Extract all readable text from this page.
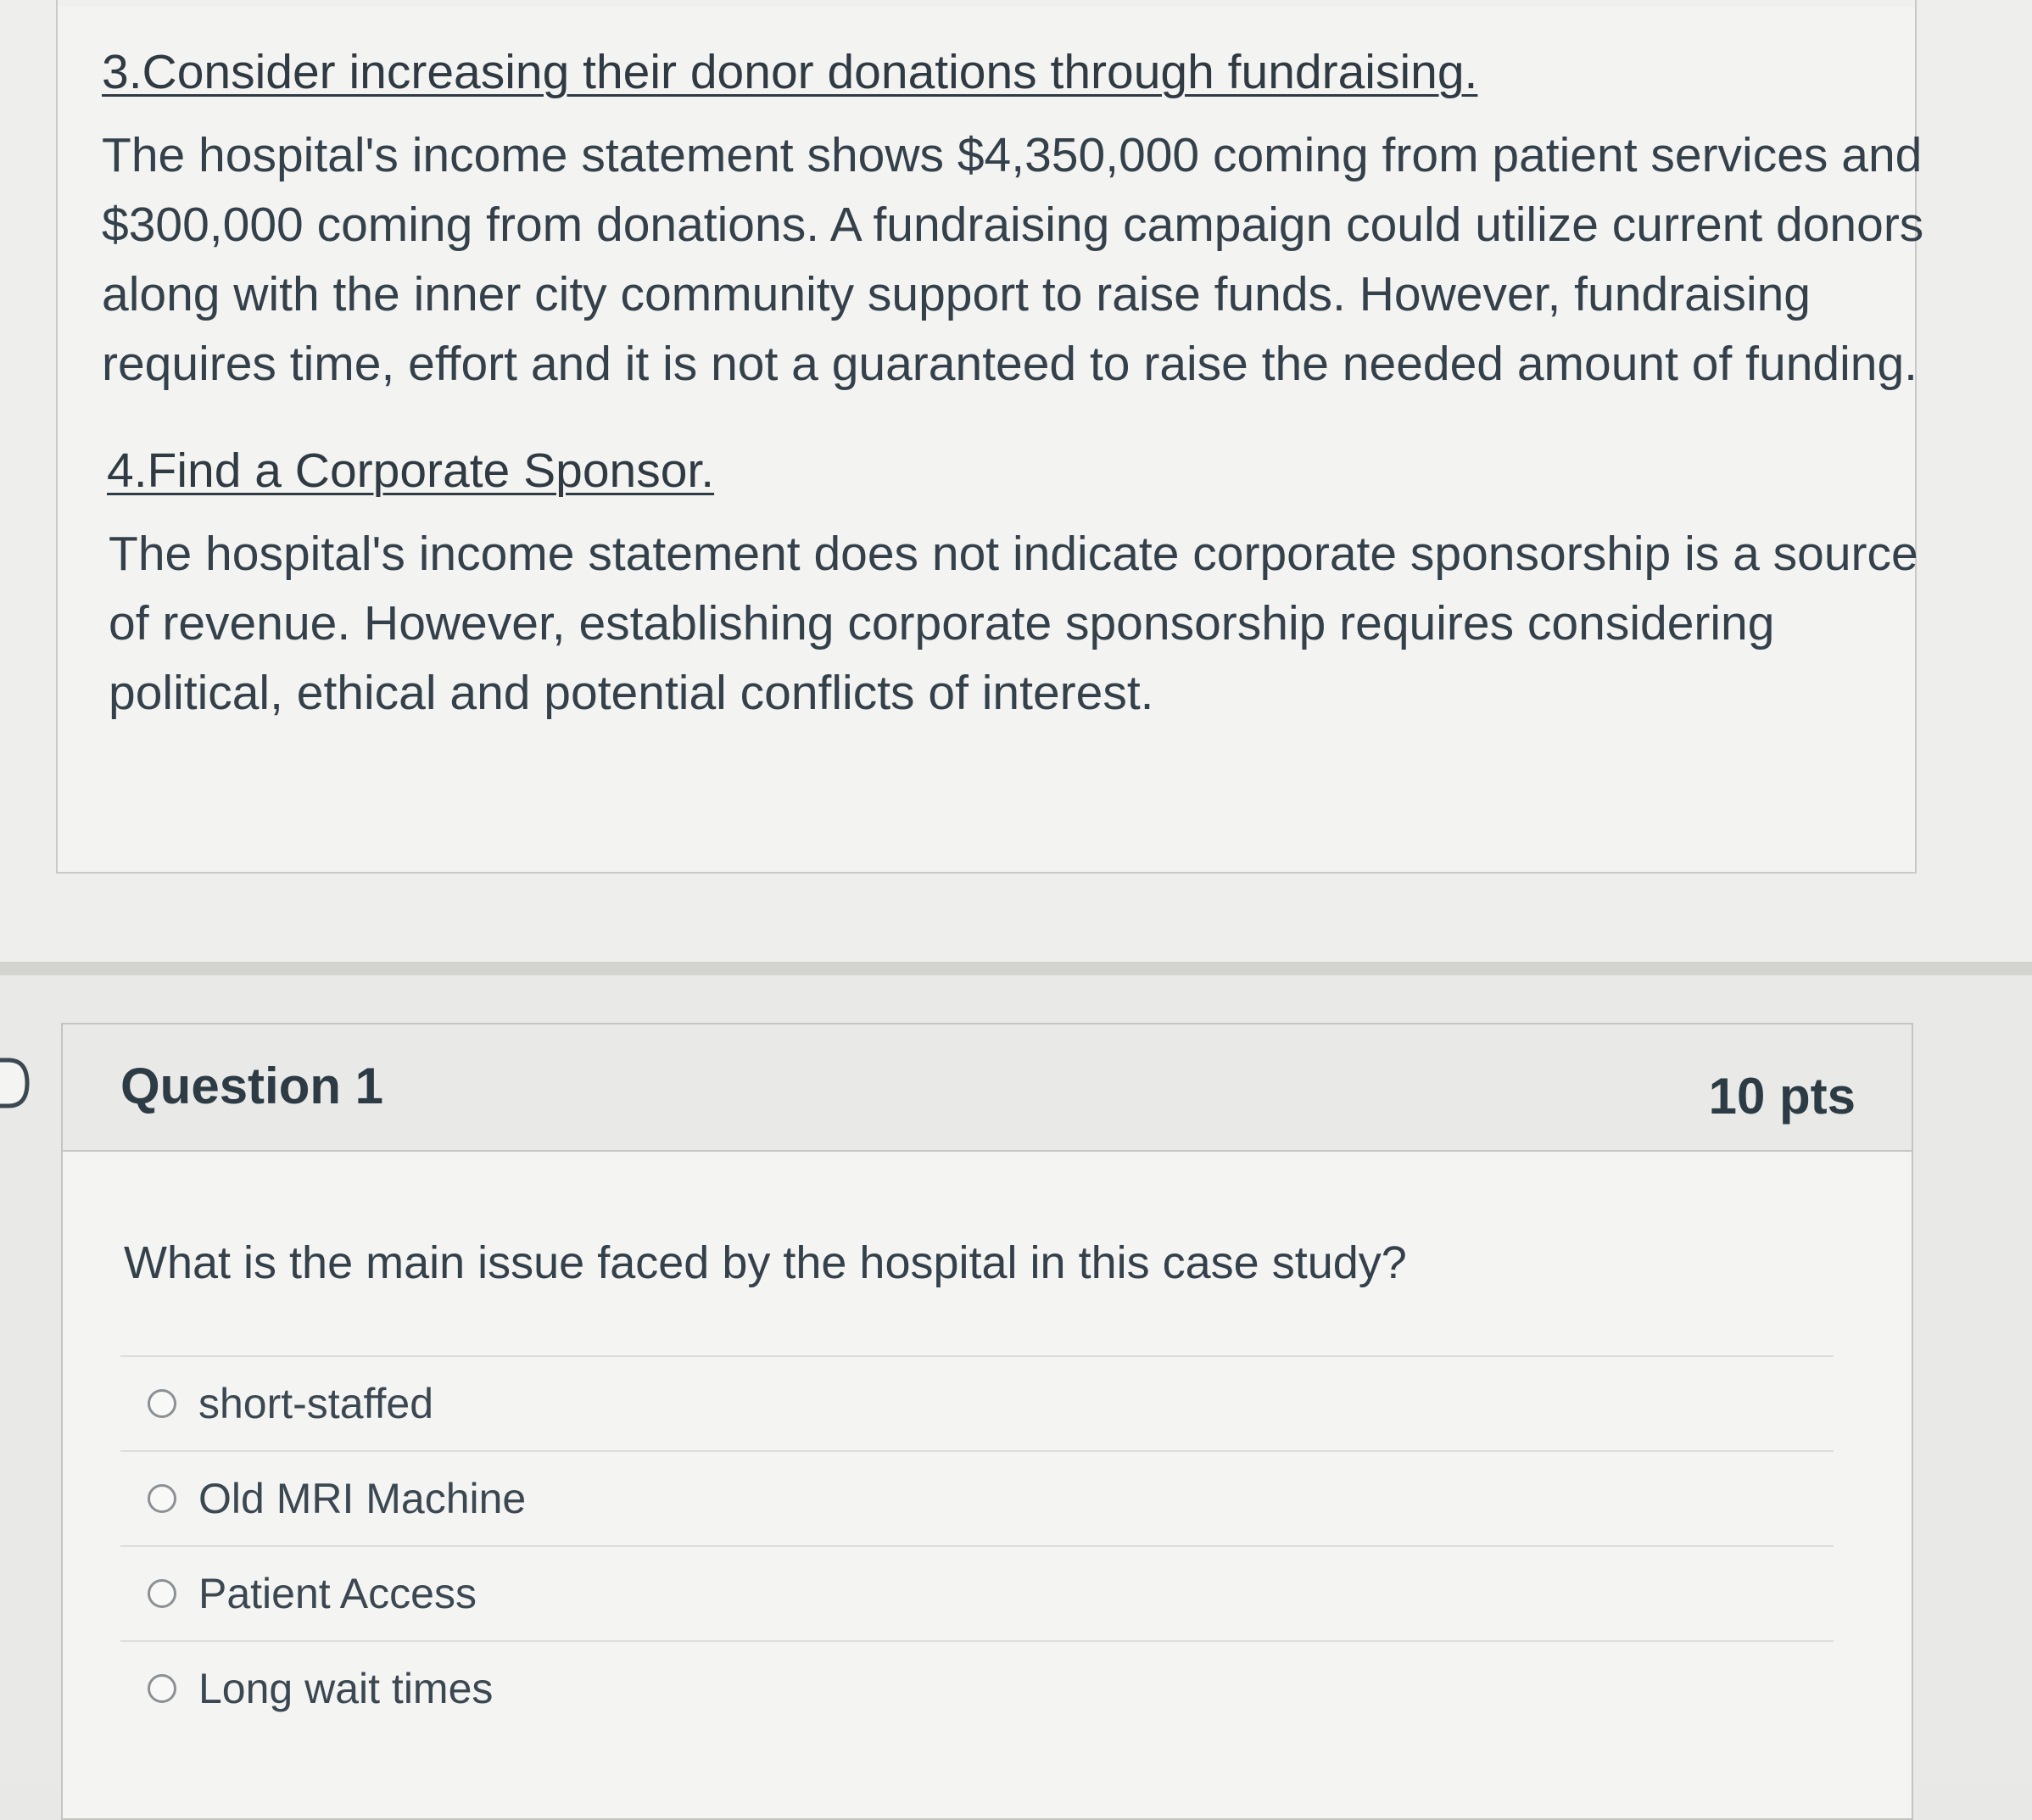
3.Consider increasing their donor donations through fundraising.

The hospital's income statement shows $4,350,000 coming from patient services and
$300,000 coming from donations. A fundraising campaign could utilize current donors
along with the inner city community support to raise funds. However, fundraising
requires time, effort and it is not a guaranteed to raise the needed amount of funding.

4.Find a Corporate Sponsor.

The hospital's income statement does not indicate corporate sponsorship is a source
of revenue. However, establishing corporate sponsorship requires considering
political, ethical and potential conflicts of interest.

Question 1	10 pts
What is the main issue faced by the hospital in this case study?
short-staffed
Old MRI Machine
Patient Access
Long wait times
